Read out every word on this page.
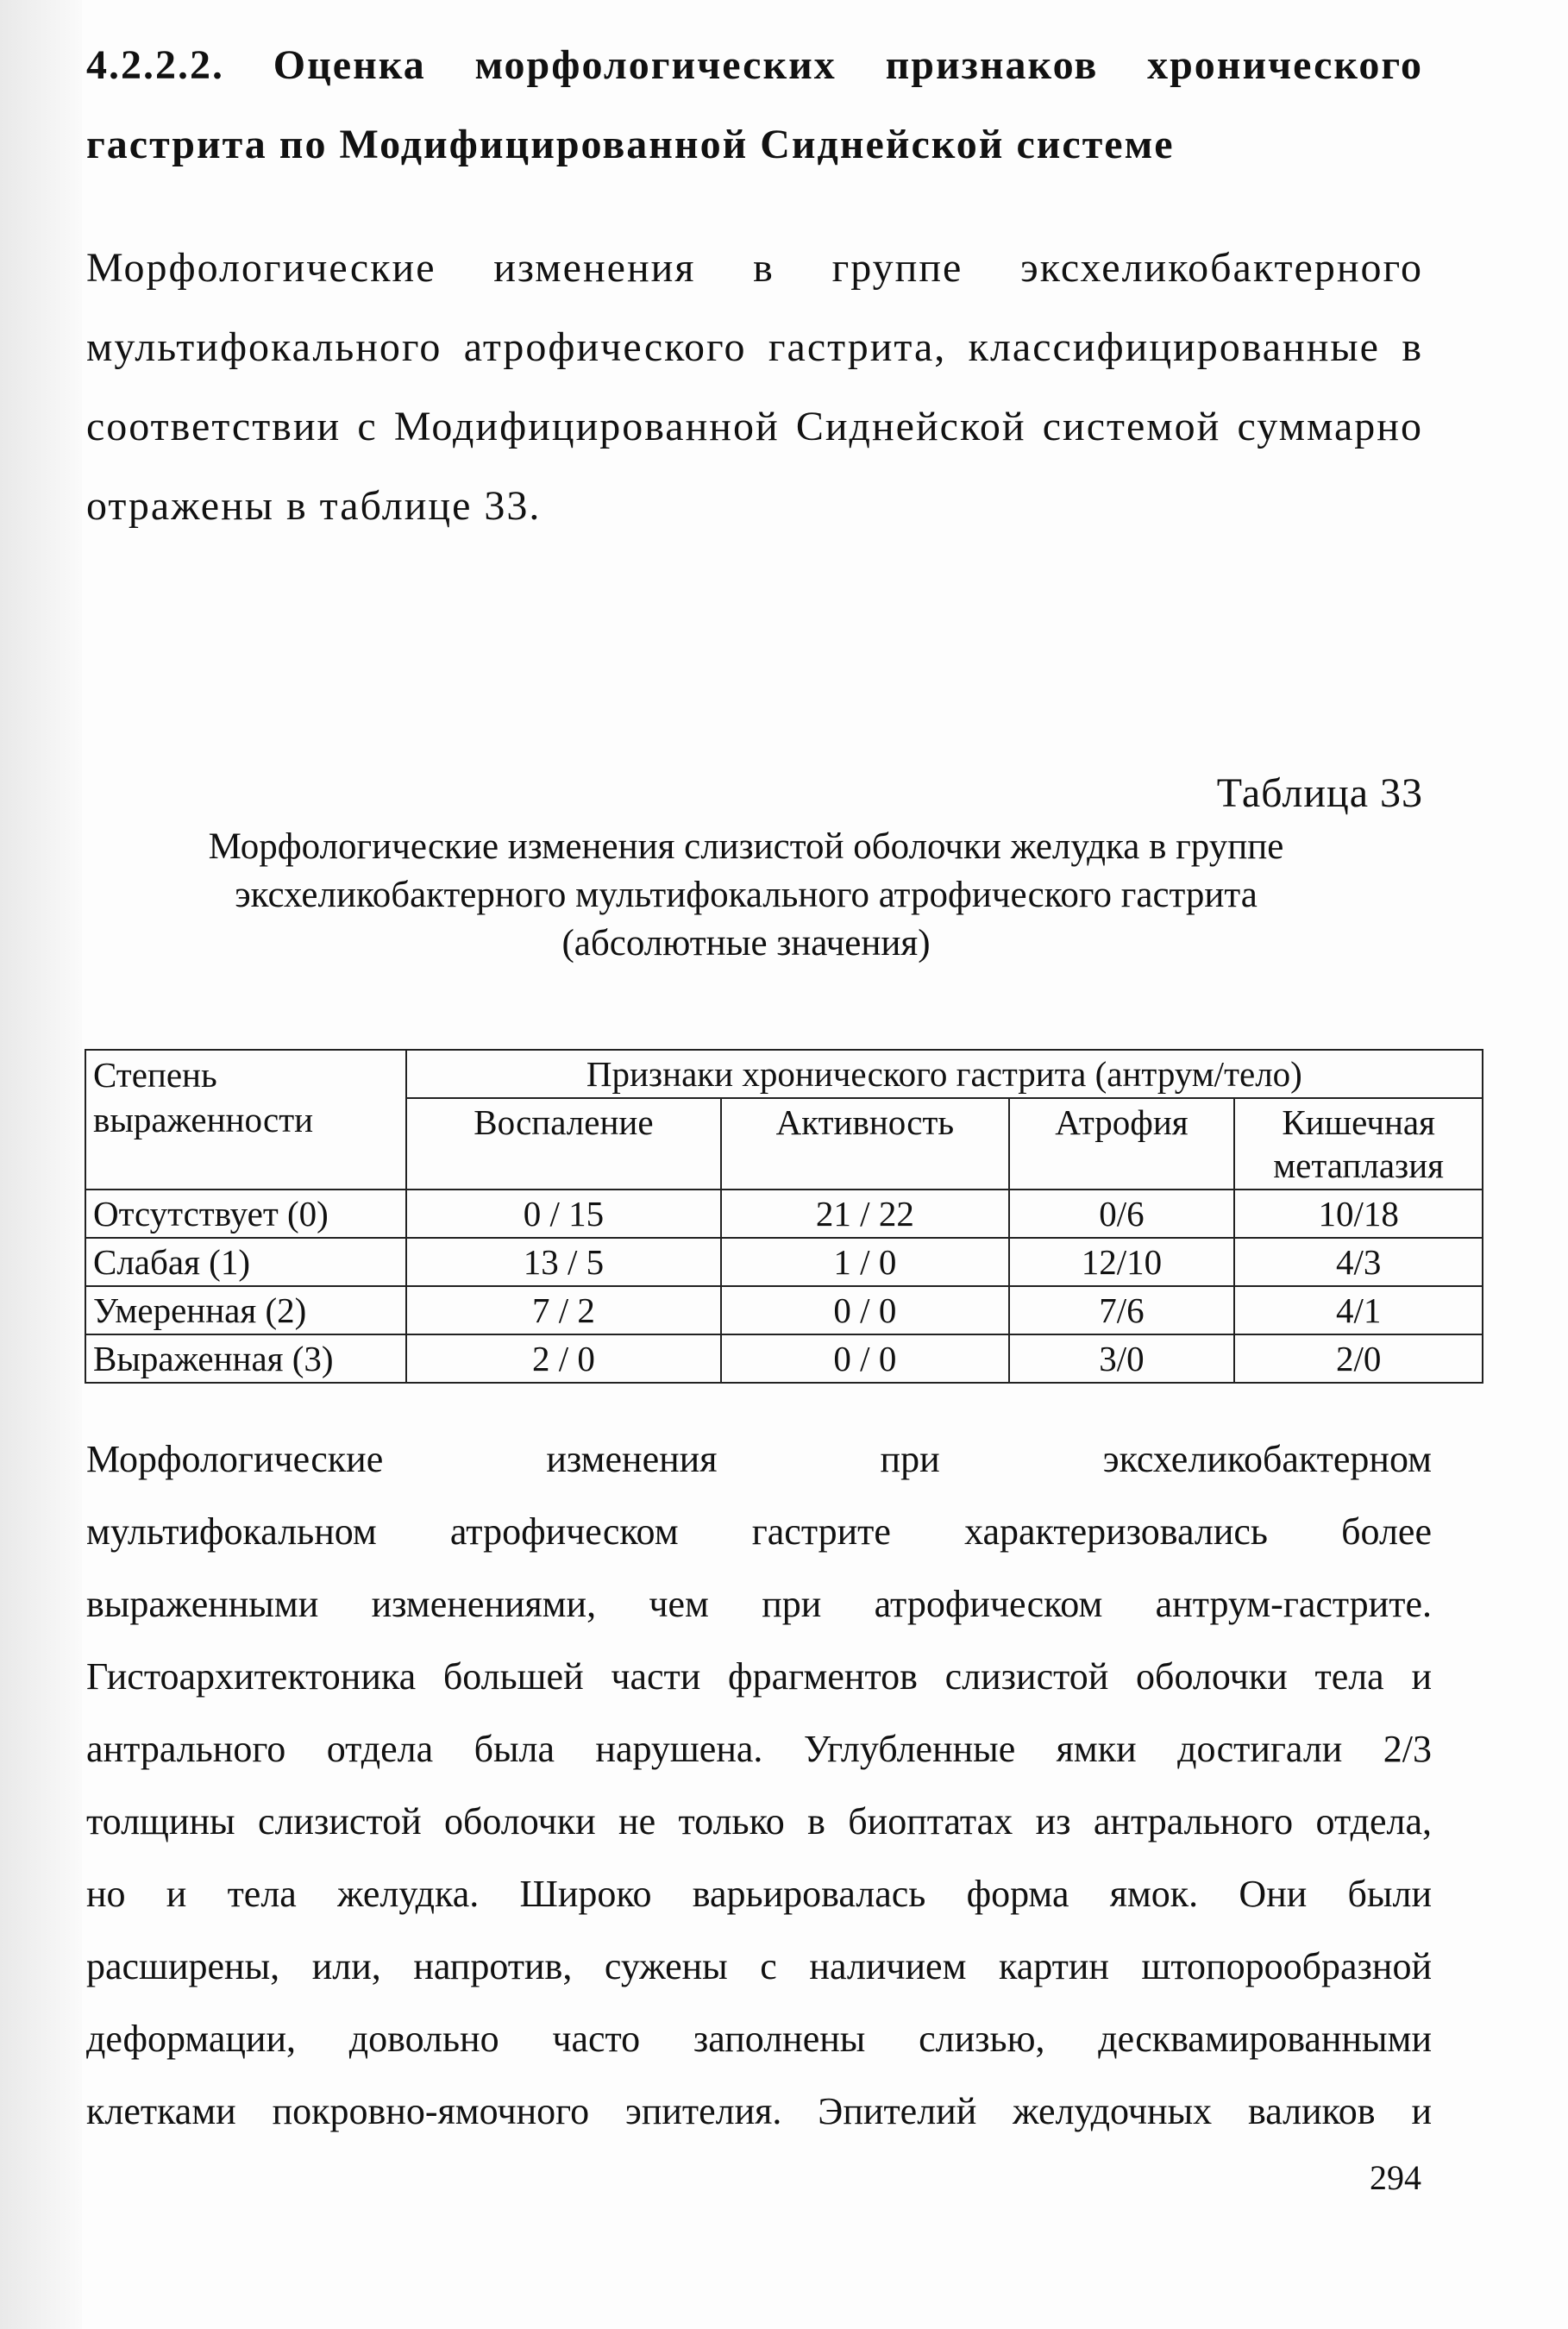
4.2.2.2. Оценка морфологических признаков хронического гастрита по Модифицированной Сиднейской системе

Морфологические изменения в группе эксхеликобактерного мультифокального атрофического гастрита, классифицированные в соответствии с Модифицированной Сиднейской системой суммарно отражены в таблице 33.

Таблица 33
Морфологические изменения слизистой оболочки желудка в группе
эксхеликобактерного мультифокального атрофического гастрита
(абсолютные значения)
Степень выраженности	Признаки хронического гастрита (антрум/тело)			
	Воспаление	Активность	Атрофия	Кишечная метаплазия
Отсутствует (0)	0 / 15	21 / 22	0/6	10/18
Слабая (1)	13 / 5	1 / 0	12/10	4/3
Умеренная (2)	7 / 2	0 / 0	7/6	4/1
Выраженная (3)	2 / 0	0 / 0	3/0	2/0
Морфологические изменения при эксхеликобактерном
мультифокальном атрофическом гастрите характеризовались более
выраженными изменениями, чем при атрофическом антрум-гастрите.
Гистоархитектоника большей части фрагментов слизистой оболочки тела и
антрального отдела была нарушена. Углубленные ямки достигали 2/3
толщины слизистой оболочки не только в биоптатах из антрального отдела,
но и тела желудка. Широко варьировалась форма ямок. Они были
расширены, или, напротив, сужены с наличием картин штопорообразной
деформации, довольно часто заполнены слизью, десквамированными
клетками покровно-ямочного эпителия. Эпителий желудочных валиков и
294
